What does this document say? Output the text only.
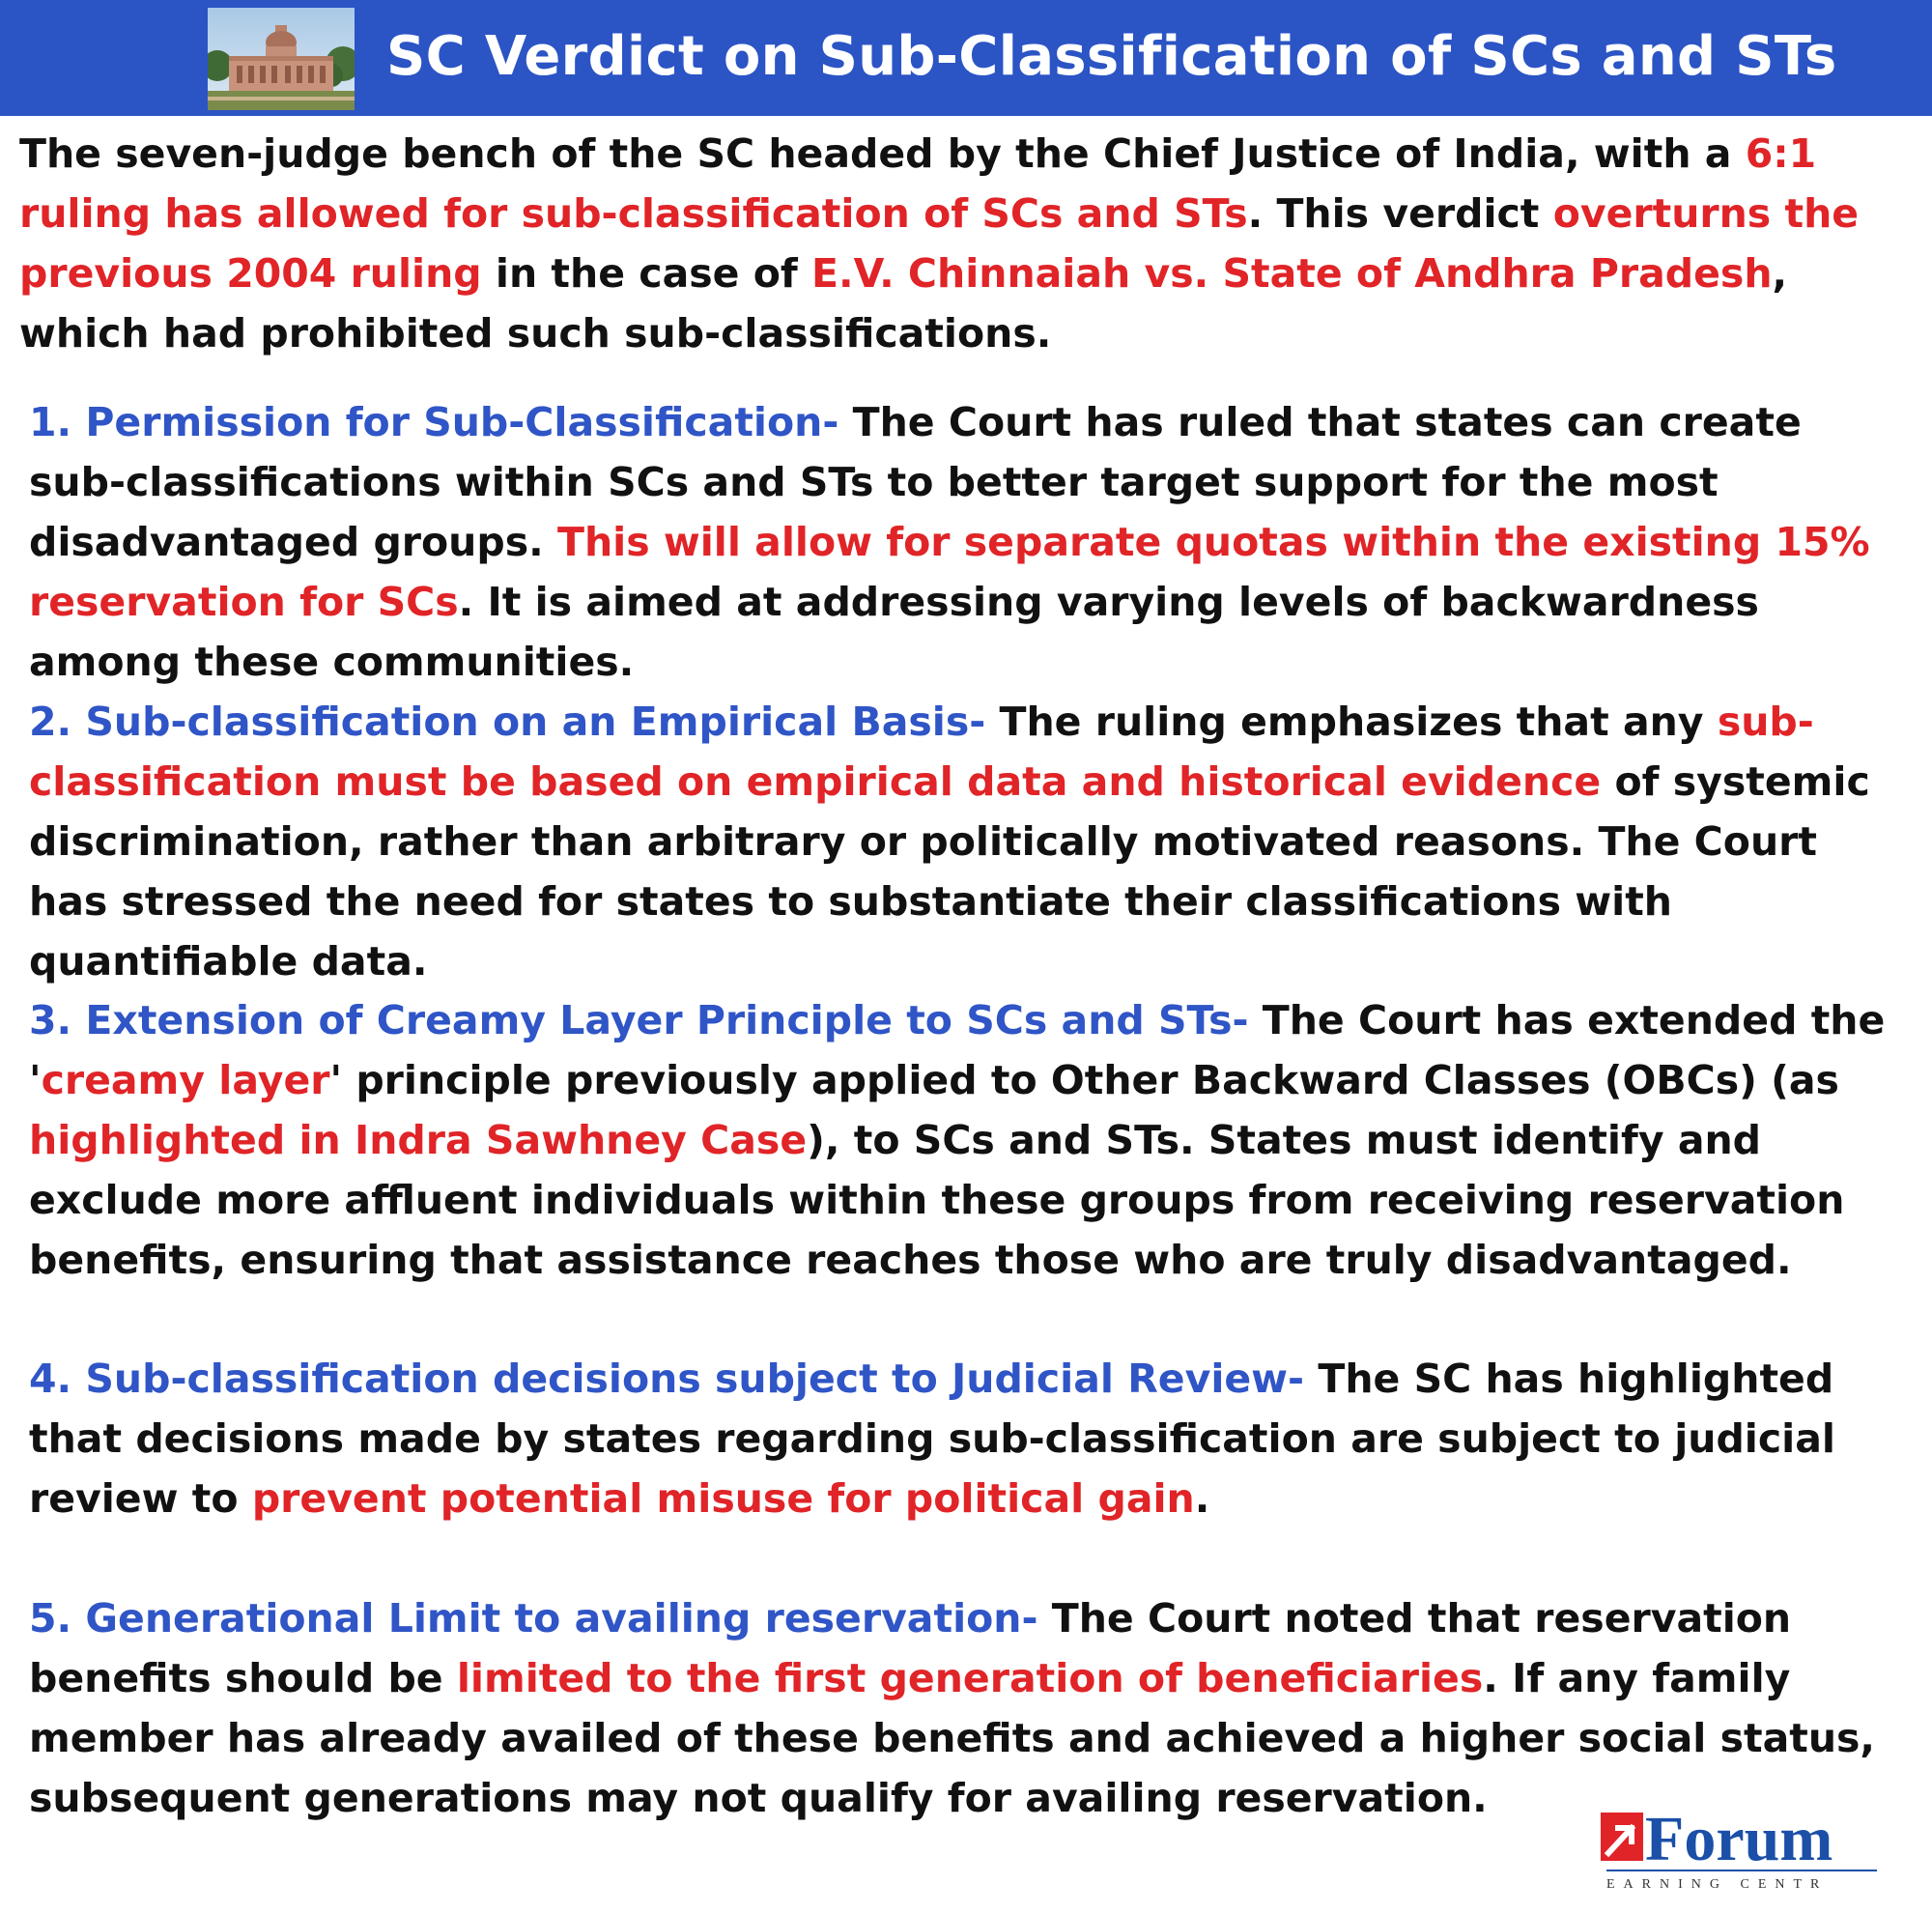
SC Verdict on Sub-Classification of SCs and STs
The seven-judge bench of the SC headed by the Chief Justice of India, with a 6:1 ruling has allowed for sub-classification of SCs and STs. This verdict overturns the previous 2004 ruling in the case of E.V. Chinnaiah vs. State of Andhra Pradesh, which had prohibited such sub-classifications.
1. Permission for Sub-Classification- The Court has ruled that states can create sub-classifications within SCs and STs to better target support for the most disadvantaged groups. This will allow for separate quotas within the existing 15% reservation for SCs. It is aimed at addressing varying levels of backwardness among these communities.
2. Sub-classification on an Empirical Basis- The ruling emphasizes that any sub-classification must be based on empirical data and historical evidence of systemic discrimination, rather than arbitrary or politically motivated reasons. The Court has stressed the need for states to substantiate their classifications with quantifiable data.
3. Extension of Creamy Layer Principle to SCs and STs- The Court has extended the 'creamy layer' principle previously applied to Other Backward Classes (OBCs) (as highlighted in Indra Sawhney Case), to SCs and STs. States must identify and exclude more affluent individuals within these groups from receiving reservation benefits, ensuring that assistance reaches those who are truly disadvantaged.
4. Sub-classification decisions subject to Judicial Review- The SC has highlighted that decisions made by states regarding sub-classification are subject to judicial review to prevent potential misuse for political gain.
5. Generational Limit to availing reservation- The Court noted that reservation benefits should be limited to the first generation of beneficiaries. If any family member has already availed of these benefits and achieved a higher social status, subsequent generations may not qualify for availing reservation.
Forum
EARNING CENTR
